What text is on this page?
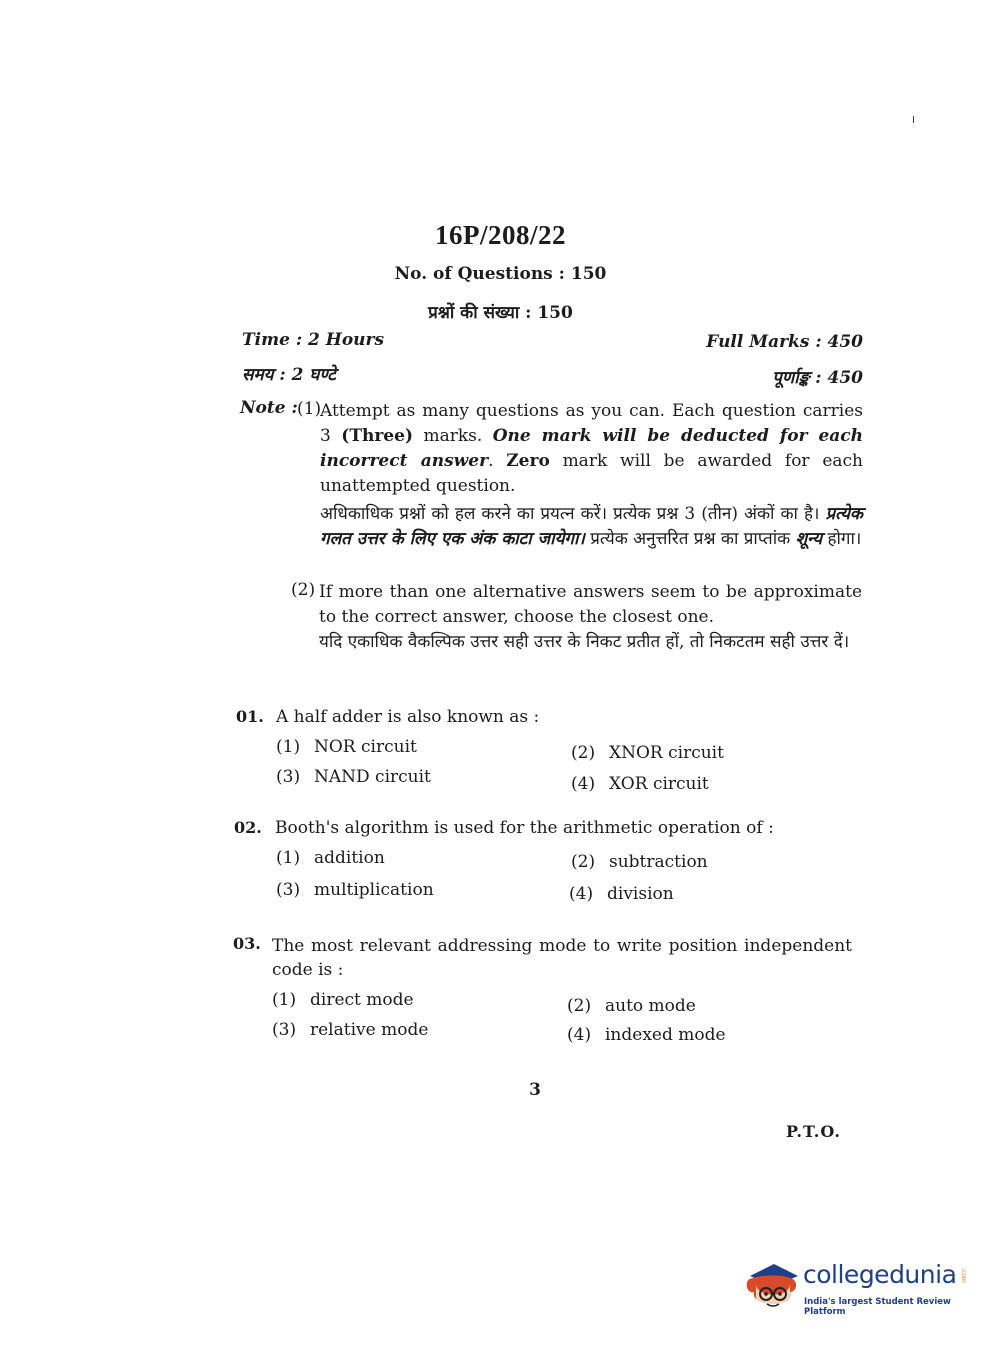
16P/208/22
No. of Questions : 150
प्रश्नों की संख्या : 150
Time : 2 Hours
समय : 2 घण्टे
Full Marks : 450
पूर्णाङ्क : 450
Note : (1)
Attempt as many questions as you can. Each question carries 3 (Three) marks. One mark will be deducted for each incorrect answer. Zero mark will be awarded for each unattempted question.
अधिकाधिक प्रश्नों को हल करने का प्रयत्न करें। प्रत्येक प्रश्न 3 (तीन) अंकों का है। प्रत्येक गलत उत्तर के लिए एक अंक काटा जायेगा। प्रत्येक अनुत्तरित प्रश्न का प्राप्तांक शून्य होगा।
(2) If more than one alternative answers seem to be approximate to the correct answer, choose the closest one.
यदि एकाधिक वैकल्पिक उत्तर सही उत्तर के निकट प्रतीत हों, तो निकटतम सही उत्तर दें।
01. A half adder is also known as :
(1) NOR circuit	(2) XNOR circuit
(3) NAND circuit	(4) XOR circuit
02. Booth's algorithm is used for the arithmetic operation of :
(1) addition	(2) subtraction
(3) multiplication	(4) division
03. The most relevant addressing mode to write position independent code is :
(1) direct mode	(2) auto mode
(3) relative mode	(4) indexed mode
3
P.T.O.
collegedunia .com
India's largest Student Review Platform
